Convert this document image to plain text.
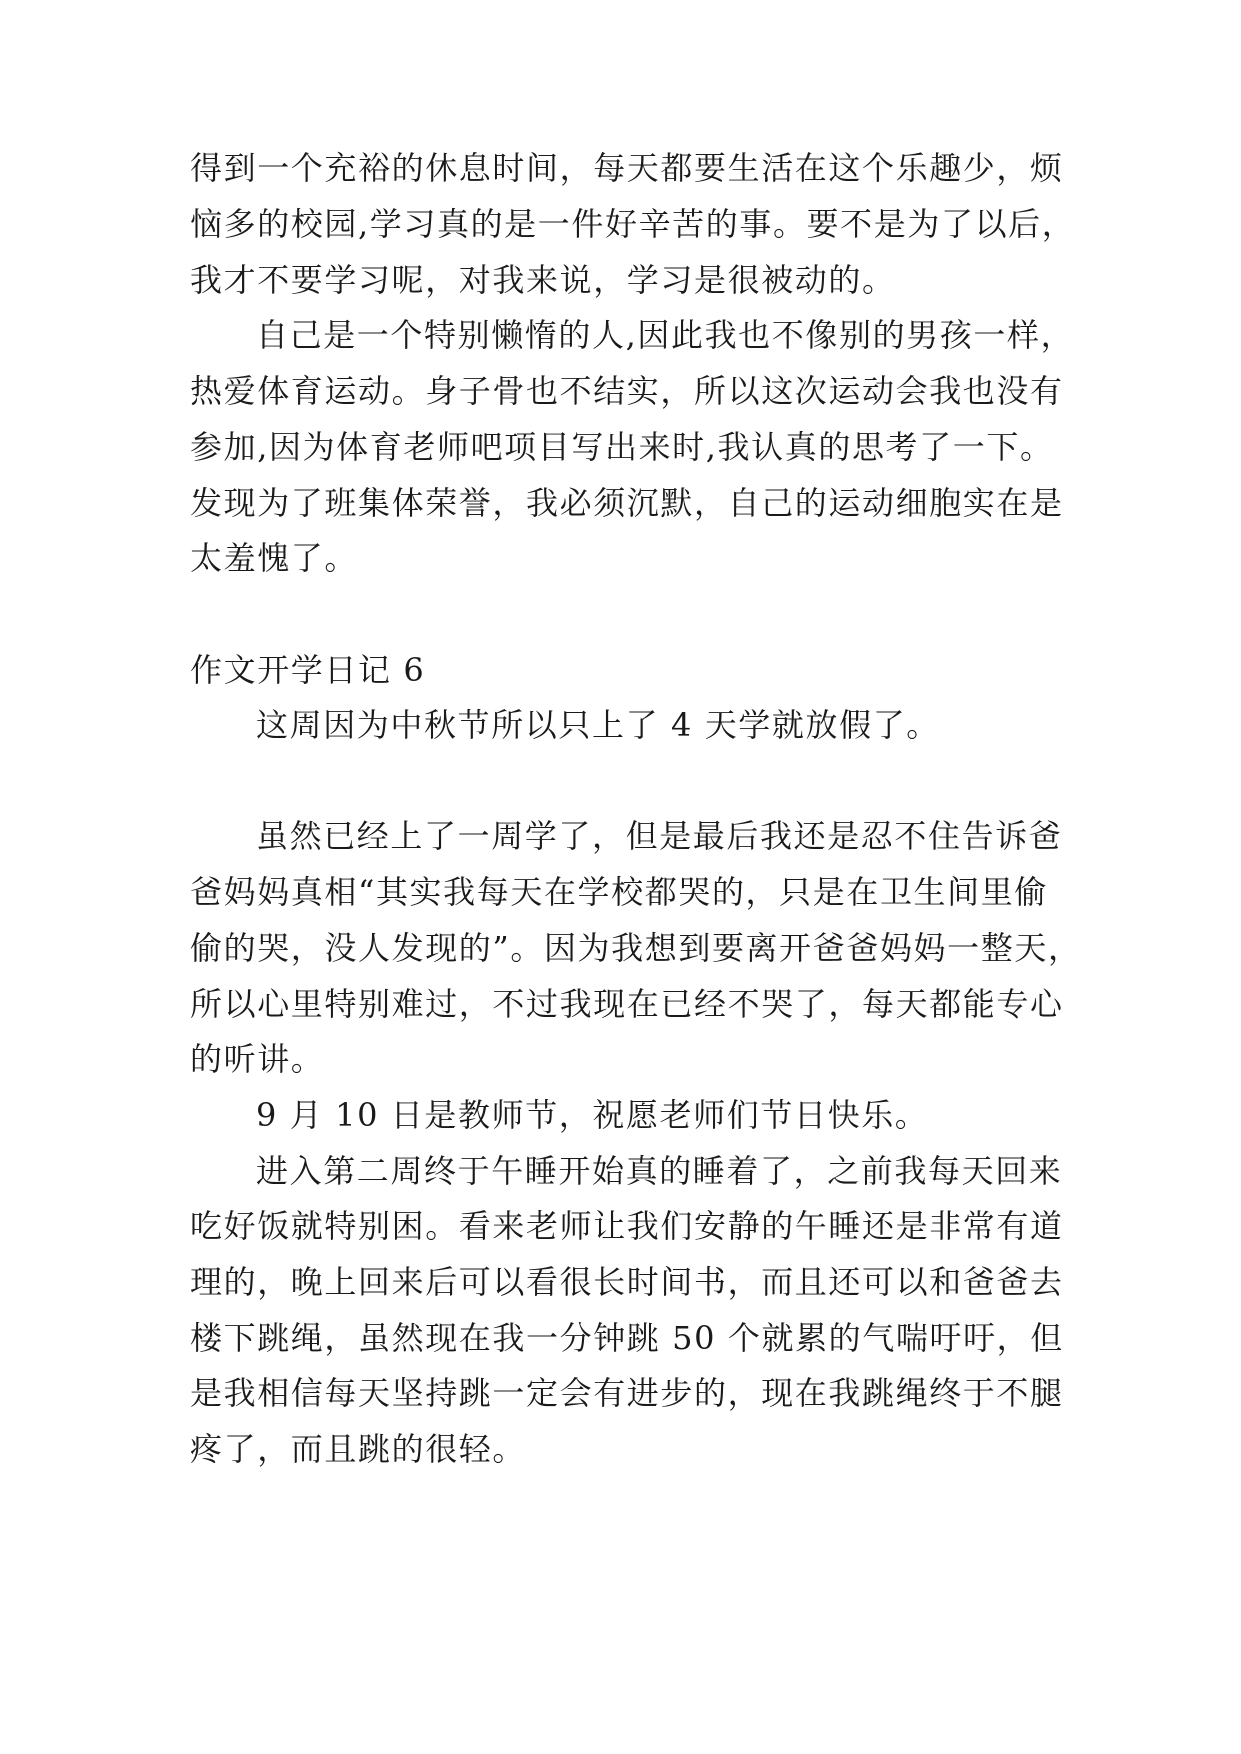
得到一个充裕的休息时间，每天都要生活在这个乐趣少，烦
恼多的校园,学习真的是一件好辛苦的事。要不是为了以后，
我才不要学习呢，对我来说，学习是很被动的。
自己是一个特别懒惰的人,因此我也不像别的男孩一样，
热爱体育运动。身子骨也不结实，所以这次运动会我也没有
参加,因为体育老师吧项目写出来时,我认真的思考了一下。
发现为了班集体荣誉，我必须沉默，自己的运动细胞实在是
太羞愧了。
作文开学日记 6
这周因为中秋节所以只上了 4 天学就放假了。
虽然已经上了一周学了，但是最后我还是忍不住告诉爸
爸妈妈真相“其实我每天在学校都哭的，只是在卫生间里偷
偷的哭，没人发现的”。因为我想到要离开爸爸妈妈一整天，
所以心里特别难过，不过我现在已经不哭了，每天都能专心
的听讲。
9 月 10 日是教师节，祝愿老师们节日快乐。
进入第二周终于午睡开始真的睡着了，之前我每天回来
吃好饭就特别困。看来老师让我们安静的午睡还是非常有道
理的，晚上回来后可以看很长时间书，而且还可以和爸爸去
楼下跳绳，虽然现在我一分钟跳 50 个就累的气喘吁吁，但
是我相信每天坚持跳一定会有进步的，现在我跳绳终于不腿
疼了，而且跳的很轻。
